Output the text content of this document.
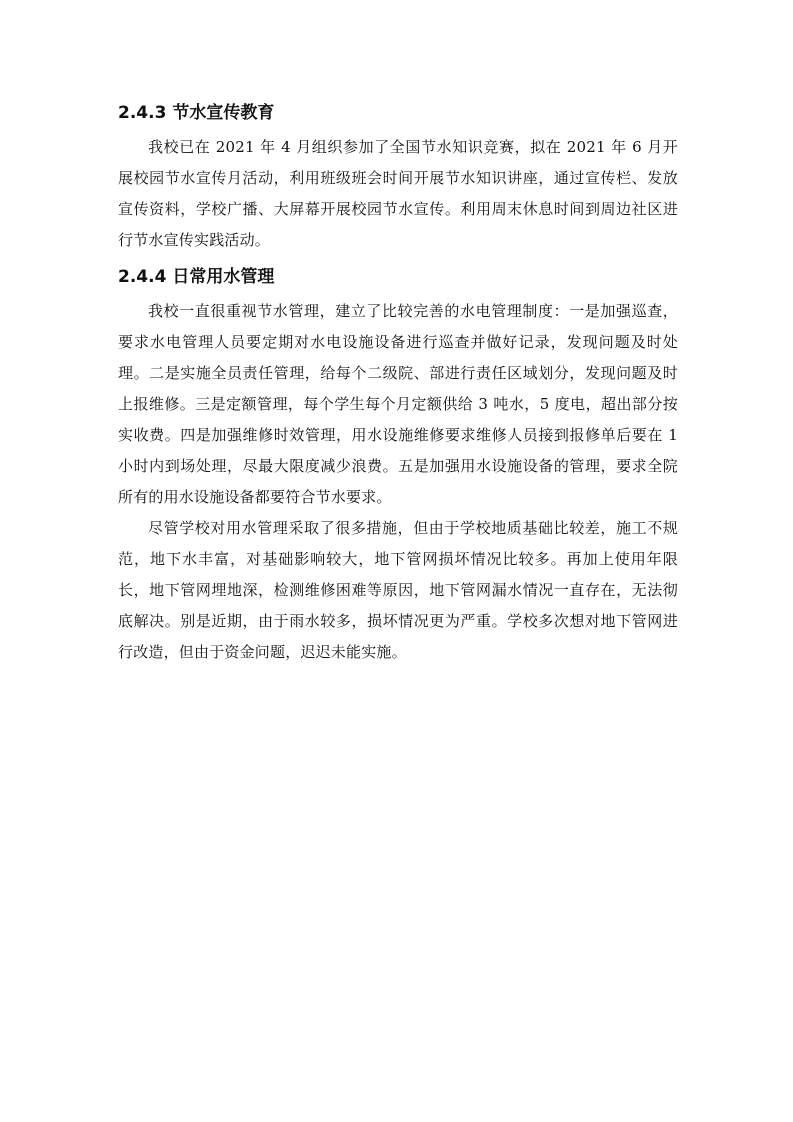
2.4.3 节水宣传教育

我校已在 2021 年 4 月组织参加了全国节水知识竞赛，拟在 2021 年 6 月开展校园节水宣传月活动，利用班级班会时间开展节水知识讲座，通过宣传栏、发放宣传资料，学校广播、大屏幕开展校园节水宣传。利用周末休息时间到周边社区进行节水宣传实践活动。

2.4.4 日常用水管理

我校一直很重视节水管理，建立了比较完善的水电管理制度：一是加强巡查，要求水电管理人员要定期对水电设施设备进行巡查并做好记录，发现问题及时处理。二是实施全员责任管理，给每个二级院、部进行责任区域划分，发现问题及时上报维修。三是定额管理，每个学生每个月定额供给 3 吨水，5 度电，超出部分按实收费。四是加强维修时效管理，用水设施维修要求维修人员接到报修单后要在 1 小时内到场处理，尽最大限度减少浪费。五是加强用水设施设备的管理，要求全院所有的用水设施设备都要符合节水要求。

尽管学校对用水管理采取了很多措施，但由于学校地质基础比较差，施工不规范，地下水丰富，对基础影响较大，地下管网损坏情况比较多。再加上使用年限长，地下管网埋地深，检测维修困难等原因，地下管网漏水情况一直存在，无法彻底解决。别是近期，由于雨水较多，损坏情况更为严重。学校多次想对地下管网进行改造，但由于资金问题，迟迟未能实施。
